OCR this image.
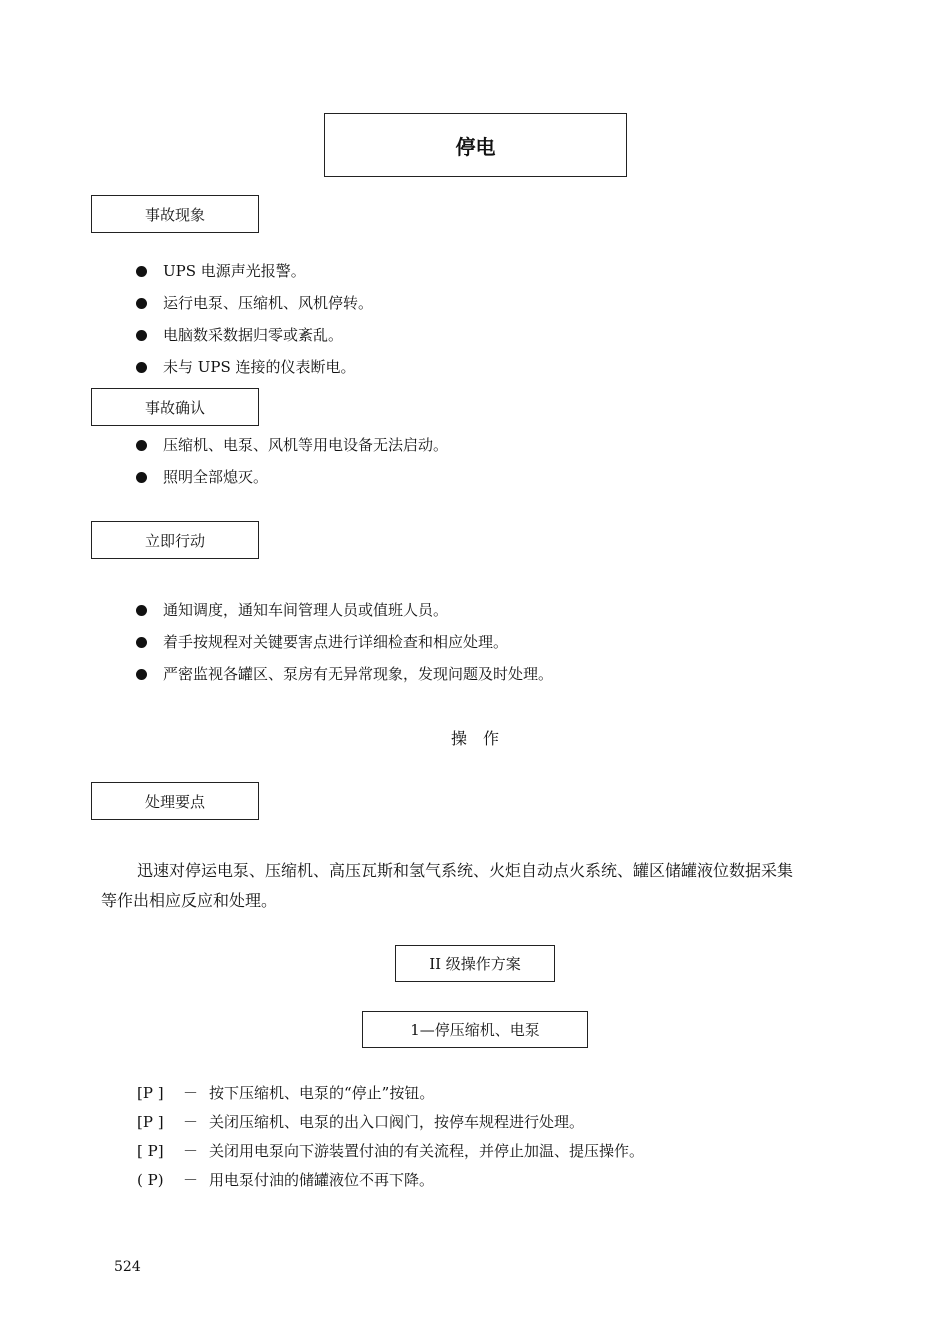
停电
事故现象
UPS 电源声光报警。
运行电泵、压缩机、风机停转。
电脑数采数据归零或紊乱。
未与 UPS 连接的仪表断电。
事故确认
压缩机、电泵、风机等用电设备无法启动。
照明全部熄灭。
立即行动
通知调度，通知车间管理人员或值班人员。
着手按规程对关键要害点进行详细检查和相应处理。
严密监视各罐区、泵房有无异常现象，发现问题及时处理。
操　作
处理要点
迅速对停运电泵、压缩机、高压瓦斯和氢气系统、火炬自动点火系统、罐区储罐液位数据采集
等作出相应反应和处理。
II 级操作方案
1—停压缩机、电泵
[P ]	－ 按下压缩机、电泵的“停止”按钮。
[P ]	－ 关闭压缩机、电泵的出入口阀门，按停车规程进行处理。
[ P]	－ 关闭用电泵向下游装置付油的有关流程，并停止加温、提压操作。
( P)	－ 用电泵付油的储罐液位不再下降。
524
